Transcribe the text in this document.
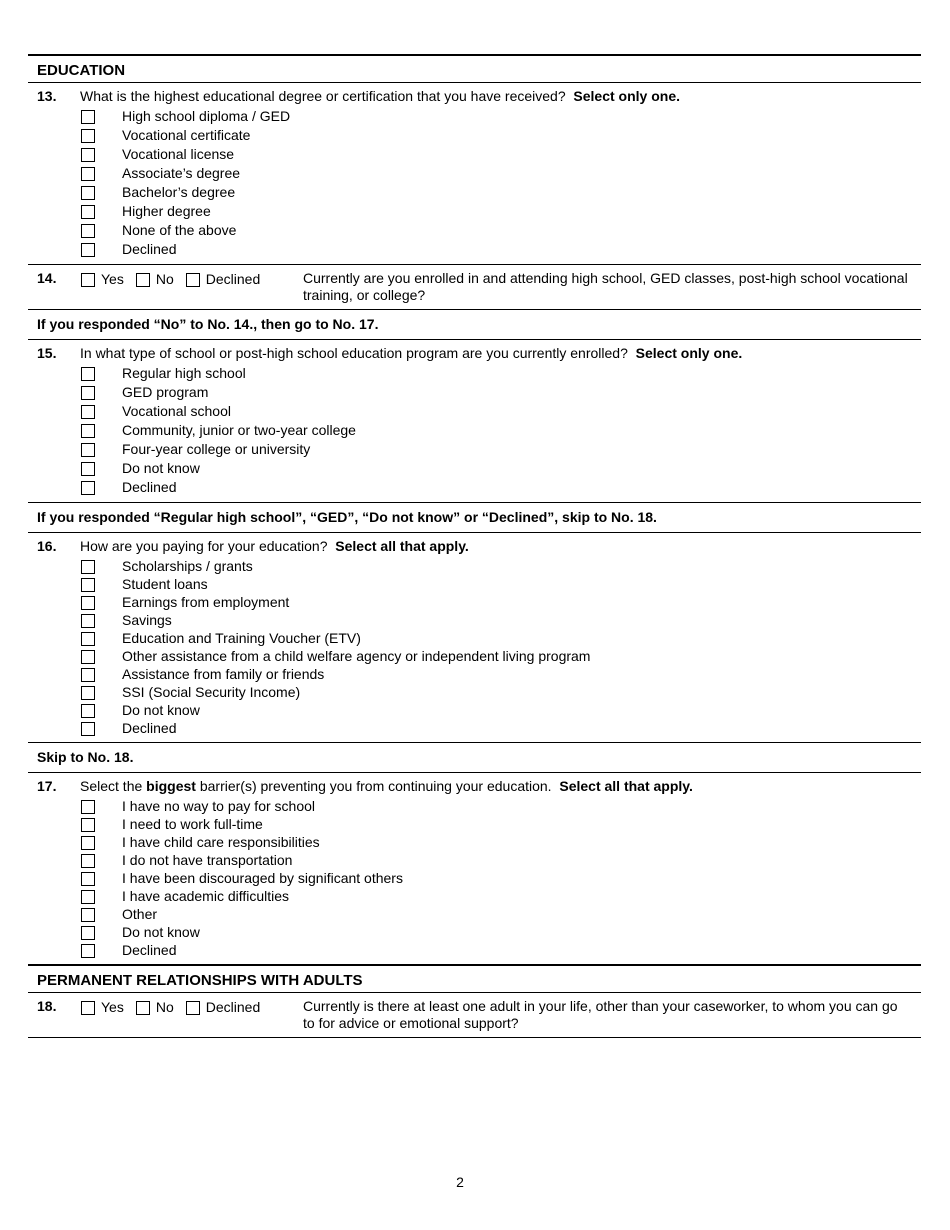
EDUCATION
13. What is the highest educational degree or certification that you have received? Select only one.
High school diploma / GED
Vocational certificate
Vocational license
Associate’s degree
Bachelor’s degree
Higher degree
None of the above
Declined
14.	Yes No Declined	Currently are you enrolled in and attending high school, GED classes, post-high school vocational training, or college?
If you responded “No” to No. 14., then go to No. 17.
15. In what type of school or post-high school education program are you currently enrolled? Select only one.
Regular high school
GED program
Vocational school
Community, junior or two-year college
Four-year college or university
Do not know
Declined
If you responded “Regular high school”, “GED”, “Do not know” or “Declined”, skip to No. 18.
16. How are you paying for your education? Select all that apply.
Scholarships / grants
Student loans
Earnings from employment
Savings
Education and Training Voucher (ETV)
Other assistance from a child welfare agency or independent living program
Assistance from family or friends
SSI (Social Security Income)
Do not know
Declined
Skip to No. 18.
17. Select the biggest barrier(s) preventing you from continuing your education. Select all that apply.
I have no way to pay for school
I need to work full-time
I have child care responsibilities
I do not have transportation
I have been discouraged by significant others
I have academic difficulties
Other
Do not know
Declined
PERMANENT RELATIONSHIPS WITH ADULTS
18.	Yes No Declined	Currently is there at least one adult in your life, other than your caseworker, to whom you can go to for advice or emotional support?
2
